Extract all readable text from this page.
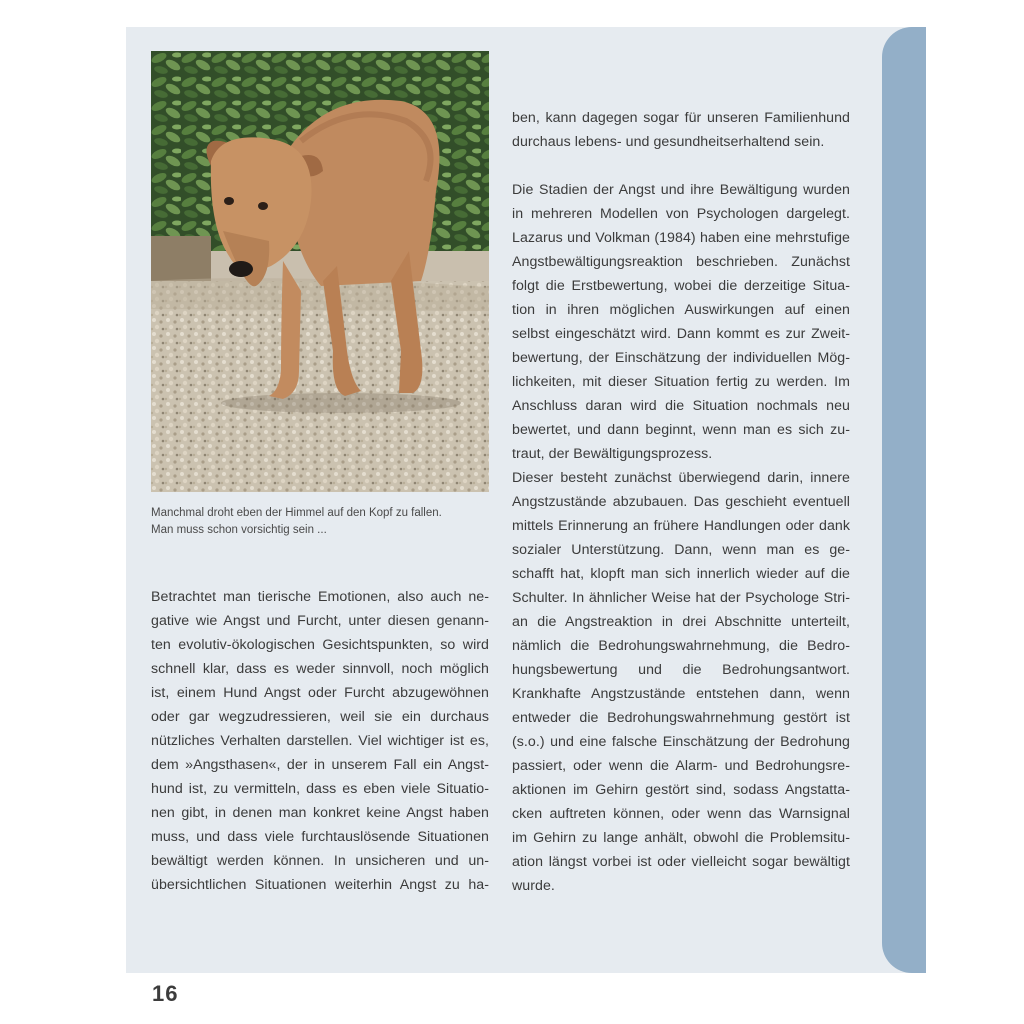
Manchmal droht eben der Himmel auf den Kopf zu fallen.
Man muss schon vorsichtig sein ...
Betrachtet man tierische Emotionen, also auch ne-
gative wie Angst und Furcht, unter diesen genann-
ten evolutiv-ökologischen Gesichtspunkten, so wird
schnell klar, dass es weder sinnvoll, noch möglich
ist, einem Hund Angst oder Furcht abzugewöhnen
oder gar wegzudressieren, weil sie ein durchaus
nützliches Verhalten darstellen. Viel wichtiger ist es,
dem »Angsthasen«, der in unserem Fall ein Angst-
hund ist, zu vermitteln, dass es eben viele Situatio-
nen gibt, in denen man konkret keine Angst haben
muss, und dass viele furchtauslösende Situationen
bewältigt werden können. In unsicheren und un-
übersichtlichen Situationen weiterhin Angst zu ha-
ben, kann dagegen sogar für unseren Familienhund
durchaus lebens- und gesundheitserhaltend sein.
Die Stadien der Angst und ihre Bewältigung wurden
in mehreren Modellen von Psychologen dargelegt.
Lazarus und Volkman (1984) haben eine mehrstufige
Angstbewältigungsreaktion beschrieben. Zunächst
folgt die Erstbewertung, wobei die derzeitige Situa-
tion in ihren möglichen Auswirkungen auf einen
selbst eingeschätzt wird. Dann kommt es zur Zweit-
bewertung, der Einschätzung der individuellen Mög-
lichkeiten, mit dieser Situation fertig zu werden. Im
Anschluss daran wird die Situation nochmals neu
bewertet, und dann beginnt, wenn man es sich zu-
traut, der Bewältigungsprozess.
Dieser besteht zunächst überwiegend darin, innere
Angstzustände abzubauen. Das geschieht eventuell
mittels Erinnerung an frühere Handlungen oder dank
sozialer Unterstützung. Dann, wenn man es ge-
schafft hat, klopft man sich innerlich wieder auf die
Schulter. In ähnlicher Weise hat der Psychologe Stri-
an die Angstreaktion in drei Abschnitte unterteilt,
nämlich die Bedrohungswahrnehmung, die Bedro-
hungsbewertung und die Bedrohungsantwort.
Krankhafte Angstzustände entstehen dann, wenn
entweder die Bedrohungswahrnehmung gestört ist
(s.o.) und eine falsche Einschätzung der Bedrohung
passiert, oder wenn die Alarm- und Bedrohungsre-
aktionen im Gehirn gestört sind, sodass Angstatta-
cken auftreten können, oder wenn das Warnsignal
im Gehirn zu lange anhält, obwohl die Problemsitu-
ation längst vorbei ist oder vielleicht sogar bewältigt
wurde.
16
